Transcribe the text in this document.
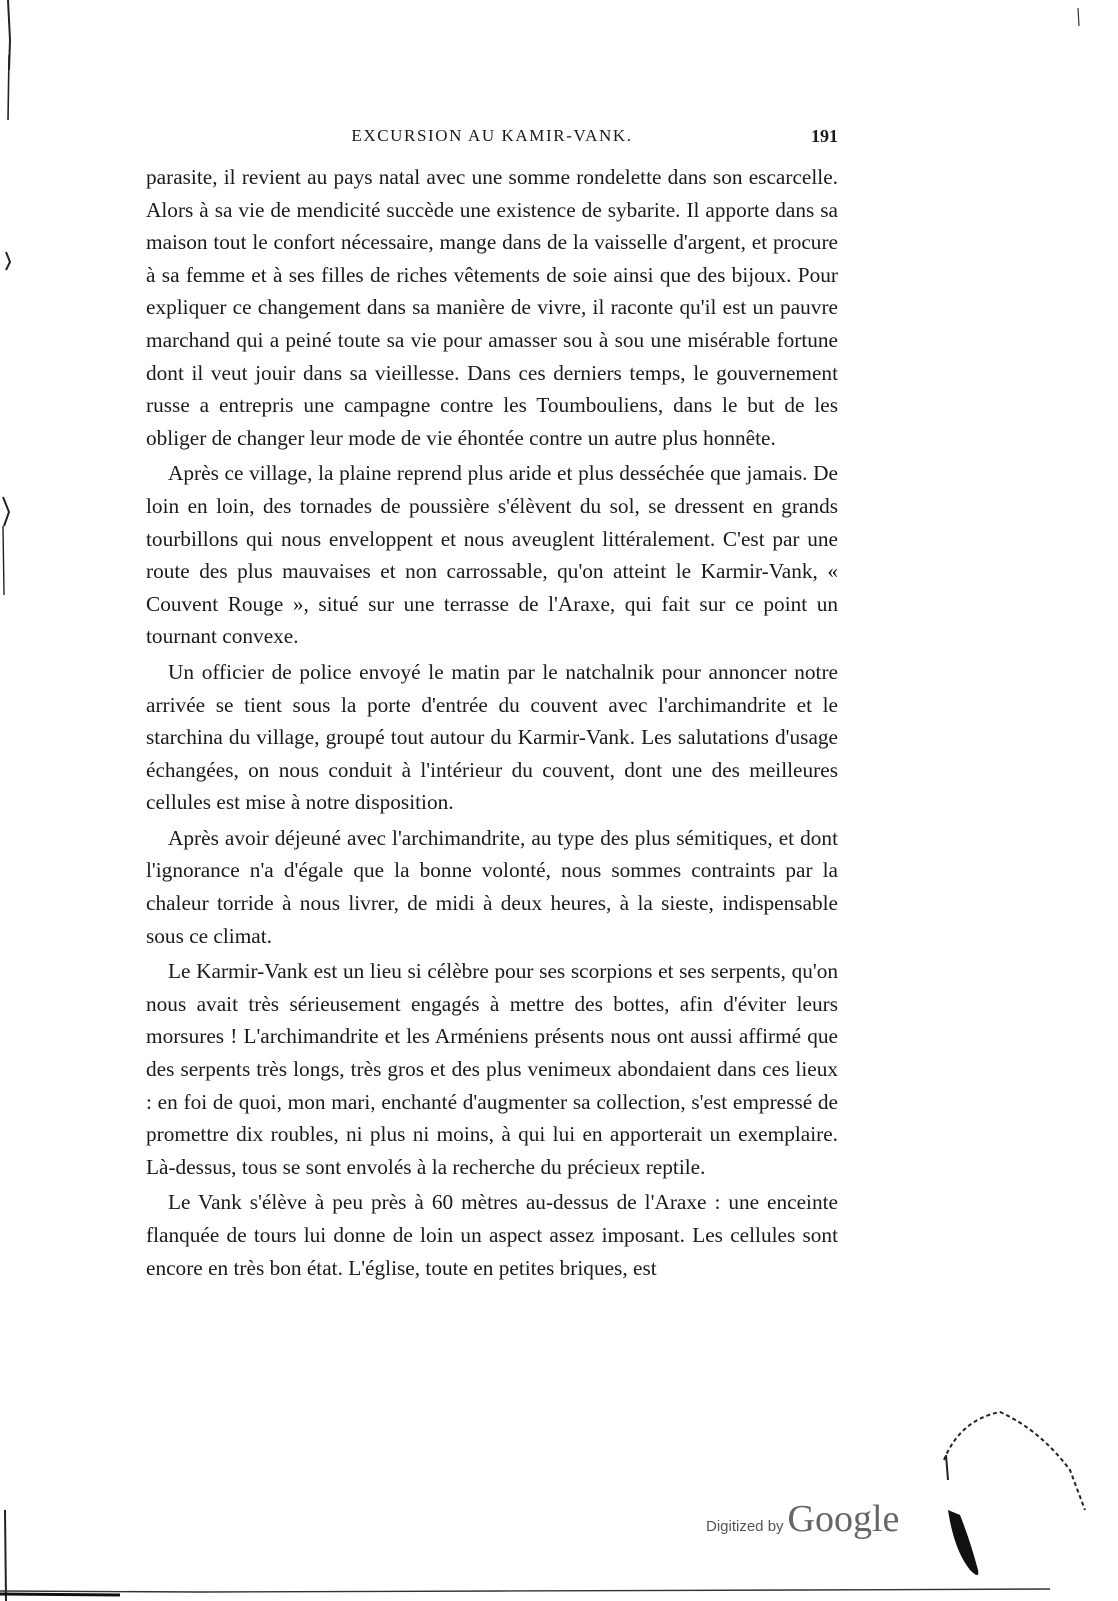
EXCURSION AU KAMIR-VANK.	191

parasite, il revient au pays natal avec une somme rondelette dans son escarcelle. Alors à sa vie de mendicité succède une existence de sybarite. Il apporte dans sa maison tout le confort nécessaire, mange dans de la vaisselle d'argent, et procure à sa femme et à ses filles de riches vêtements de soie ainsi que des bijoux. Pour expliquer ce changement dans sa manière de vivre, il raconte qu'il est un pauvre marchand qui a peiné toute sa vie pour amasser sou à sou une misérable fortune dont il veut jouir dans sa vieillesse. Dans ces derniers temps, le gouvernement russe a entrepris une campagne contre les Toumbouliens, dans le but de les obliger de changer leur mode de vie éhontée contre un autre plus honnête.

Après ce village, la plaine reprend plus aride et plus desséchée que jamais. De loin en loin, des tornades de poussière s'élèvent du sol, se dressent en grands tourbillons qui nous enveloppent et nous aveuglent littéralement. C'est par une route des plus mauvaises et non carrossable, qu'on atteint le Karmir-Vank, « Couvent Rouge », situé sur une terrasse de l'Araxe, qui fait sur ce point un tournant convexe.

Un officier de police envoyé le matin par le natchalnik pour annoncer notre arrivée se tient sous la porte d'entrée du couvent avec l'archimandrite et le starchina du village, groupé tout autour du Karmir-Vank. Les salutations d'usage échangées, on nous conduit à l'intérieur du couvent, dont une des meilleures cellules est mise à notre disposition.

Après avoir déjeuné avec l'archimandrite, au type des plus sémitiques, et dont l'ignorance n'a d'égale que la bonne volonté, nous sommes contraints par la chaleur torride à nous livrer, de midi à deux heures, à la sieste, indispensable sous ce climat.

Le Karmir-Vank est un lieu si célèbre pour ses scorpions et ses serpents, qu'on nous avait très sérieusement engagés à mettre des bottes, afin d'éviter leurs morsures ! L'archimandrite et les Arméniens présents nous ont aussi affirmé que des serpents très longs, très gros et des plus venimeux abondaient dans ces lieux : en foi de quoi, mon mari, enchanté d'augmenter sa collection, s'est empressé de promettre dix roubles, ni plus ni moins, à qui lui en apporterait un exemplaire. Là-dessus, tous se sont envolés à la recherche du précieux reptile.

Le Vank s'élève à peu près à 60 mètres au-dessus de l'Araxe : une enceinte flanquée de tours lui donne de loin un aspect assez imposant. Les cellules sont encore en très bon état. L'église, toute en petites briques, est

Digitized by Google
